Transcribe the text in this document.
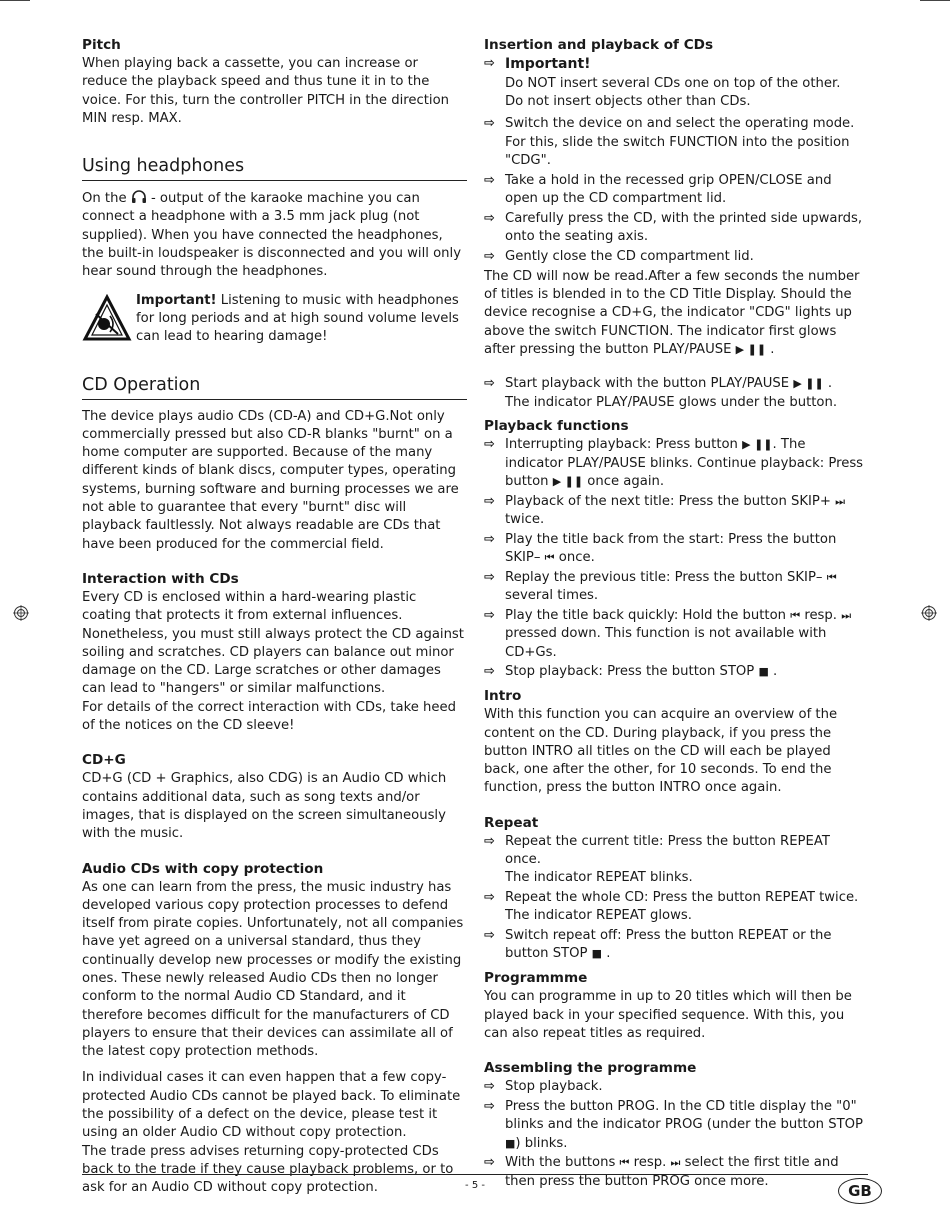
Pitch

When playing back a cassette, you can increase or reduce the playback speed and thus tune it in to the voice. For this, turn the controller PITCH in the direction MIN resp. MAX.

Using headphones

On the - output of the karaoke machine you can connect a headphone with a 3.5 mm jack plug (not supplied). When you have connected the headphones, the built-in loudspeaker is disconnected and you will only hear sound through the headphones.

Important! Listening to music with headphones for long periods and at high sound volume levels can lead to hearing damage!

CD Operation

The device plays audio CDs (CD-A) and CD+G.Not only commercially pressed but also CD-R blanks "burnt" on a home computer are supported. Because of the many different kinds of blank discs, computer types, operating systems, burning software and burning processes we are not able to guarantee that every "burnt" disc will playback faultlessly. Not always readable are CDs that have been produced for the commercial field.

Interaction with CDs

Every CD is enclosed within a hard-wearing plastic coating that protects it from external influences. Nonetheless, you must still always protect the CD against soiling and scratches. CD players can balance out minor damage on the CD. Large scratches or other damages can lead to "hangers" or similar malfunctions.

For details of the correct interaction with CDs, take heed of the notices on the CD sleeve!

CD+G

CD+G (CD + Graphics, also CDG) is an Audio CD which contains additional data, such as song texts and/or images, that is displayed on the screen simultaneously with the music.

Audio CDs with copy protection

As one can learn from the press, the music industry has developed various copy protection processes to defend itself from pirate copies. Unfortunately, not all companies have yet agreed on a universal standard, thus they continually develop new processes or modify the existing ones. These newly released Audio CDs then no longer conform to the normal Audio CD Standard, and it therefore becomes difficult for the manufacturers of CD players to ensure that their devices can assimilate all of the latest copy protection methods.

In individual cases it can even happen that a few copy-protected Audio CDs cannot be played back. To eliminate the possibility of a defect on the device, please test it using an older Audio CD without copy protection.

The trade press advises returning copy-protected CDs back to the trade if they cause playback problems, or to ask for an Audio CD without copy protection.

Insertion and playback of CDs
⇨ Important!
Do NOT insert several CDs one on top of the other.
Do not insert objects other than CDs.
⇨ Switch the device on and select the operating mode. For this, slide the switch FUNCTION into the position "CDG".
⇨ Take a hold in the recessed grip OPEN/CLOSE and open up the CD compartment lid.
⇨ Carefully press the CD, with the printed side upwards, onto the seating axis.
⇨ Gently close the CD compartment lid.

The CD will now be read.After a few seconds the number of titles is blended in to the CD Title Display. Should the device recognise a CD+G, the indicator "CDG" lights up above the switch FUNCTION. The indicator first glows after pressing the button PLAY/PAUSE ▶ ❚❚ .

⇨ Start playback with the button PLAY/PAUSE ▶ ❚❚ .
The indicator PLAY/PAUSE glows under the button.
Playback functions
⇨ Interrupting playback: Press button ▶ ❚❚. The indicator PLAY/PAUSE blinks. Continue playback: Press button ▶ ❚❚ once again.
⇨ Playback of the next title: Press the button SKIP+ ⏭ twice.
⇨ Play the title back from the start: Press the button SKIP– ⏮ once.
⇨ Replay the previous title: Press the button SKIP– ⏮ several times.
⇨ Play the title back quickly: Hold the button ⏮ resp. ⏭ pressed down. This function is not available with CD+Gs.
⇨ Stop playback: Press the button STOP ■ .
Intro

With this function you can acquire an overview of the content on the CD. During playback, if you press the button INTRO all titles on the CD will each be played back, one after the other, for 10 seconds. To end the function, press the button INTRO once again.

Repeat
⇨ Repeat the current title: Press the button REPEAT once.
The indicator REPEAT blinks.
⇨ Repeat the whole CD: Press the button REPEAT twice.
The indicator REPEAT glows.
⇨ Switch repeat off: Press the button REPEAT or the button STOP ■ .
Programmme

You can programme in up to 20 titles which will then be played back in your specified sequence. With this, you can also repeat titles as required.

Assembling the programme
⇨ Stop playback.
⇨ Press the button PROG. In the CD title display the "0" blinks and the indicator PROG (under the button STOP ■) blinks.
⇨ With the buttons ⏮ resp. ⏭ select the first title and then press the button PROG once more.
- 5 -	GB
